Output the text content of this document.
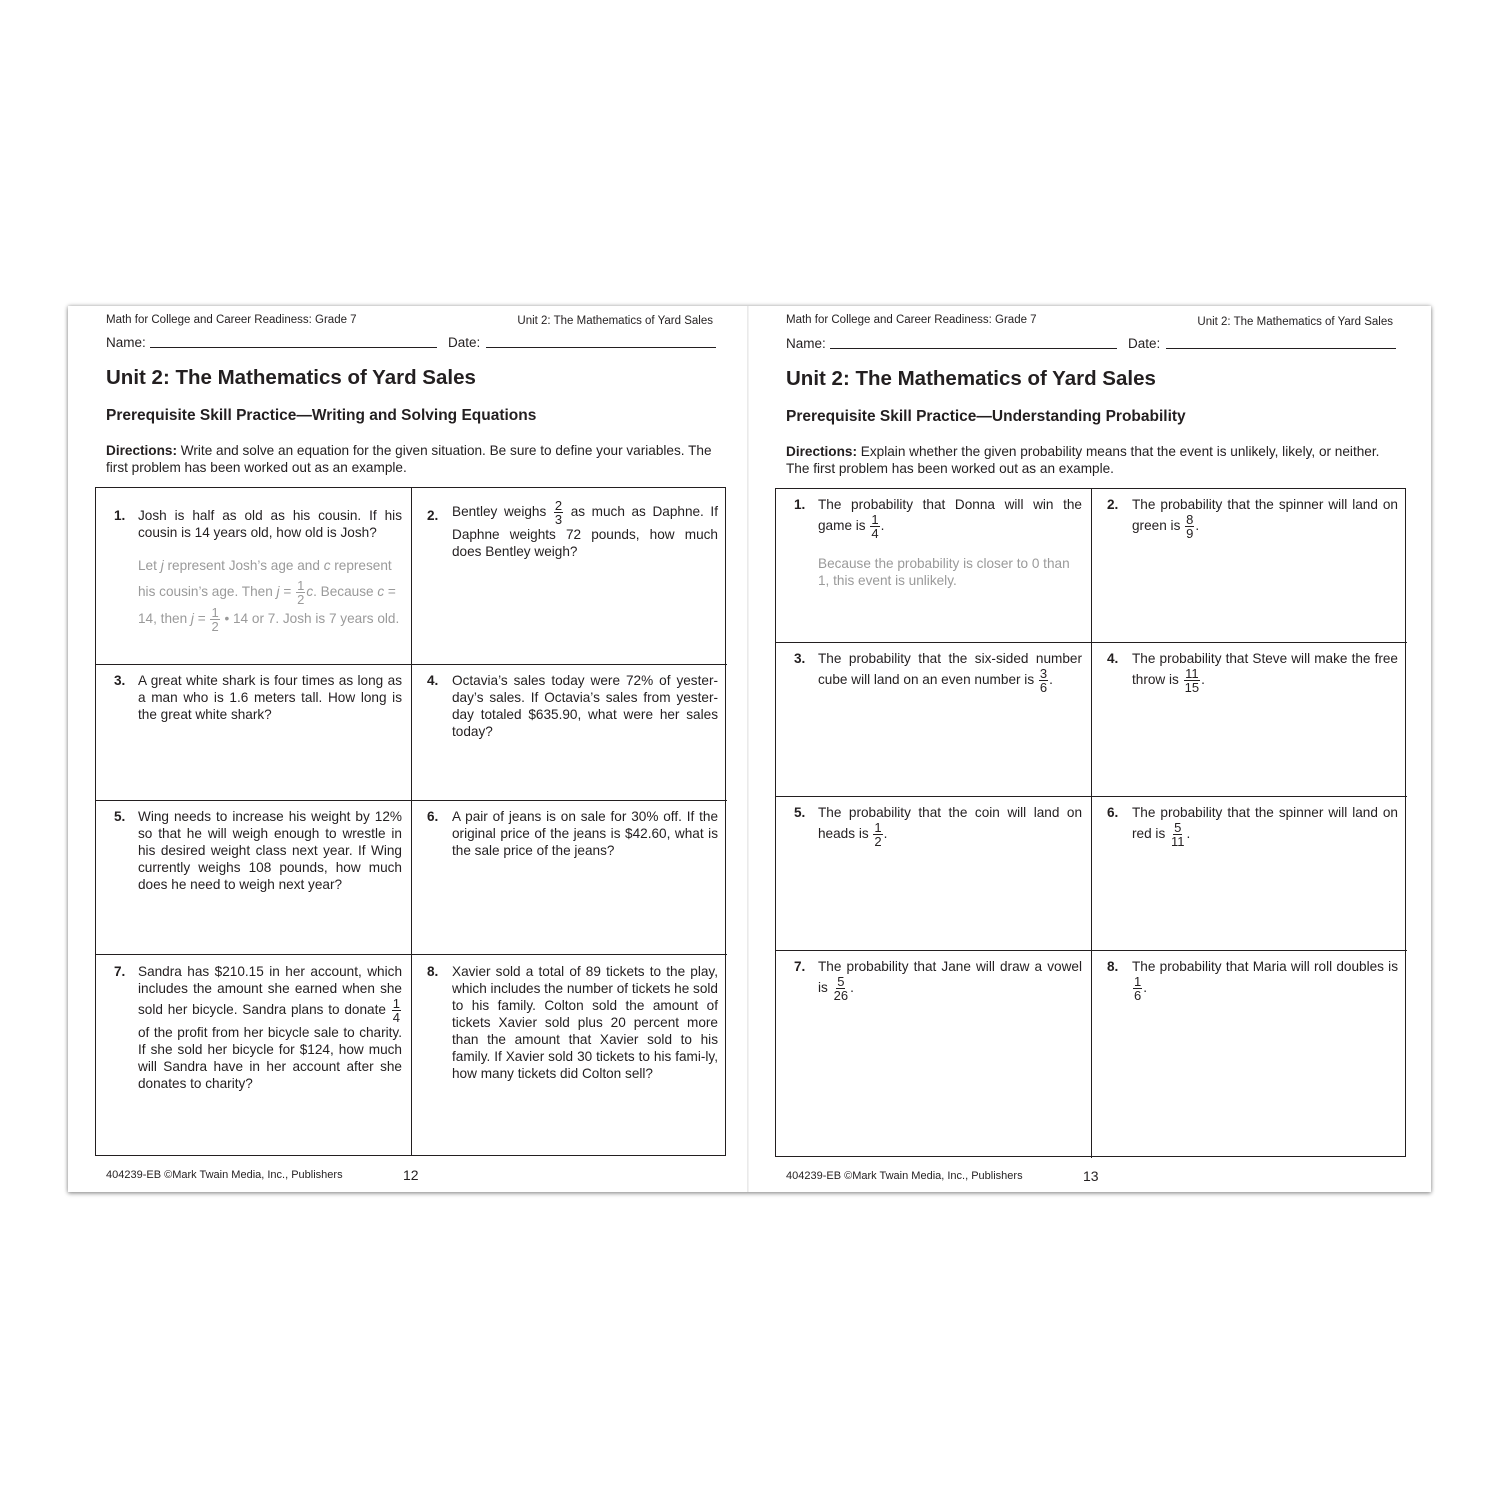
Math for College and Career Readiness: Grade 7	Unit 2: The Mathematics of Yard Sales
Name:	Date:
Unit 2: The Mathematics of Yard Sales
Prerequisite Skill Practice—Writing and Solving Equations

Directions: Write and solve an equation for the given situation. Be sure to define your variables. The first problem has been worked out as an example.

1. Josh is half as old as his cousin. If his cousin is 14 years old, how old is Josh?
Let j represent Josh’s age and c represent his cousin’s age. Then $j = \frac{1}{2} c$. Because c = 14, then $j = \frac{1}{2}$ • 14 or 7. Josh is 7 years old.
2. Bentley weighs $\frac{2}{3}$ as much as Daphne. If Daphne weights 72 pounds, how much does Bentley weigh?
3. A great white shark is four times as long as a man who is 1.6 meters tall. How long is the great white shark?
4. Octavia’s sales today were 72% of yester-day’s sales. If Octavia’s sales from yester-day totaled $635.90, what were her sales today?
5. Wing needs to increase his weight by 12% so that he will weigh enough to wrestle in his desired weight class next year. If Wing currently weighs 108 pounds, how much does he need to weigh next year?
6. A pair of jeans is on sale for 30% off. If the original price of the jeans is $42.60, what is the sale price of the jeans?
7. Sandra has $210.15 in her account, which includes the amount she earned when she sold her bicycle. Sandra plans to donate $\frac{1}{4}$
of the profit from her bicycle sale to charity. If she sold her bicycle for $124, how much will Sandra have in her account after she donates to charity?
8. Xavier sold a total of 89 tickets to the play, which includes the number of tickets he sold to his family. Colton sold the amount of tickets Xavier sold plus 20 percent more than the amount that Xavier sold to his family. If Xavier sold 30 tickets to his fami-ly, how many tickets did Colton sell?
404239-EB ©Mark Twain Media, Inc., Publishers	12
Math for College and Career Readiness: Grade 7	Unit 2: The Mathematics of Yard Sales
Name:	Date:
Unit 2: The Mathematics of Yard Sales
Prerequisite Skill Practice—Understanding Probability

Directions: Explain whether the given probability means that the event is unlikely, likely, or neither. The first problem has been worked out as an example.

1. The probability that Donna will win the game is $\frac{1}{4}$ .
Because the probability is closer to 0 than 1, this event is unlikely.
2. The probability that the spinner will land on green is $\frac{8}{9}$ .
3. The probability that the six-sided number cube will land on an even number is $\frac{3}{6}$ .
4. The probability that Steve will make the free throw is $\frac{11}{15}$ .
5. The probability that the coin will land on heads is $\frac{1}{2}$ .
6. The probability that the spinner will land on red is $\frac{5}{11}$ .
7. The probability that Jane will draw a vowel is $\frac{5}{26}$ .
8. The probability that Maria will roll doubles is
$\frac{1}{6}$ .
404239-EB ©Mark Twain Media, Inc., Publishers	13
